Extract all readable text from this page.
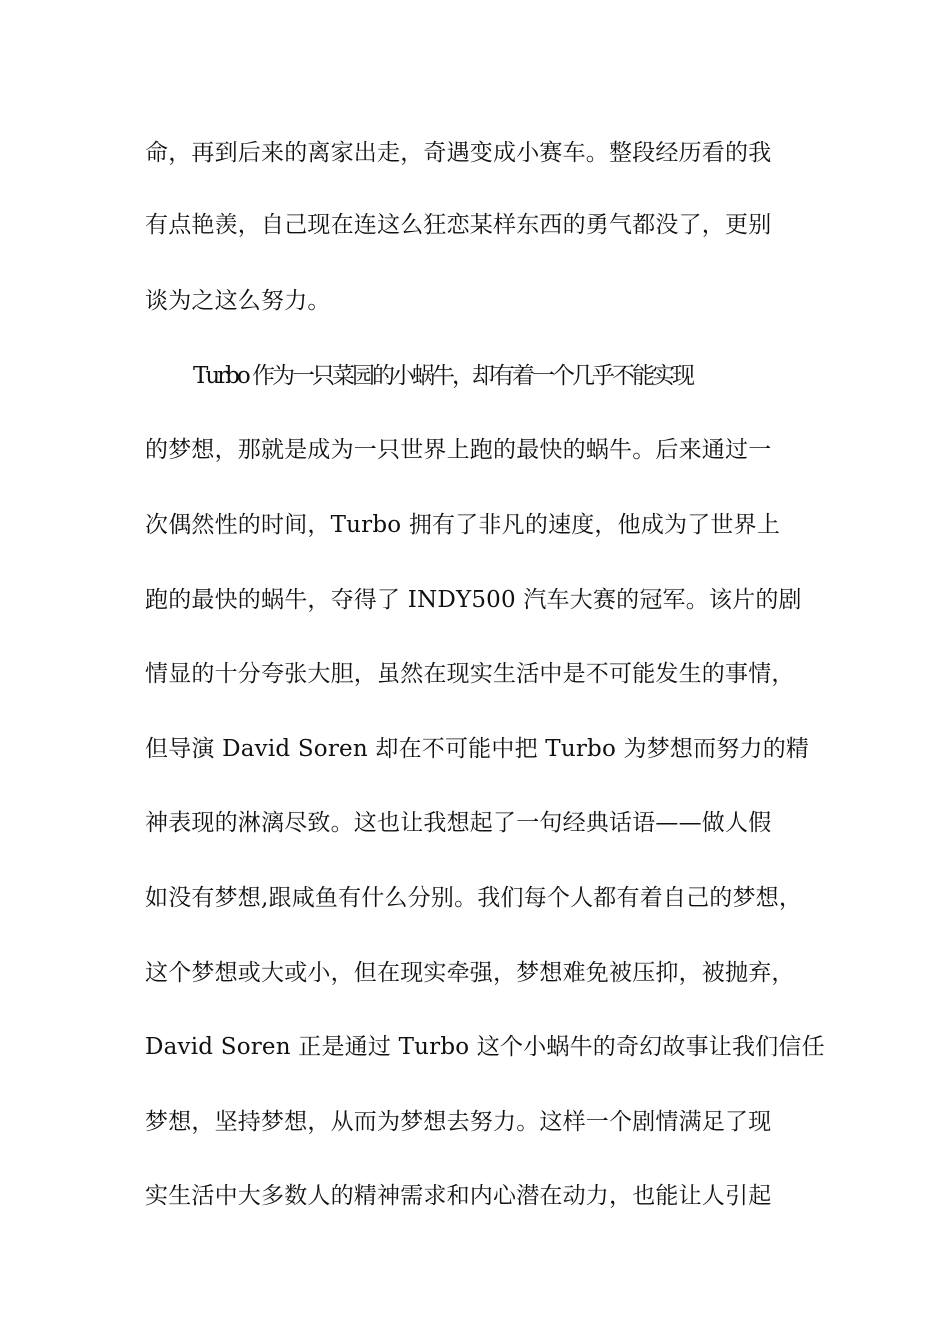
命，再到后来的离家出走，奇遇变成小赛车。整段经历看的我
有点艳羡，自己现在连这么狂恋某样东西的勇气都没了，更别
谈为之这么努力。
Turbo 作为一只菜园的小蜗牛，却有着一个几乎不能实现
的梦想，那就是成为一只世界上跑的最快的蜗牛。后来通过一
次偶然性的时间，Turbo 拥有了非凡的速度，他成为了世界上
跑的最快的蜗牛，夺得了 INDY500 汽车大赛的冠军。该片的剧
情显的十分夸张大胆，虽然在现实生活中是不可能发生的事情，
但导演 David Soren 却在不可能中把 Turbo 为梦想而努力的精
神表现的淋漓尽致。这也让我想起了一句经典话语——做人假
如没有梦想,跟咸鱼有什么分别。我们每个人都有着自己的梦想，
这个梦想或大或小，但在现实牵强，梦想难免被压抑，被抛弃，
David Soren 正是通过 Turbo 这个小蜗牛的奇幻故事让我们信任
梦想，坚持梦想，从而为梦想去努力。这样一个剧情满足了现
实生活中大多数人的精神需求和内心潜在动力，也能让人引起
